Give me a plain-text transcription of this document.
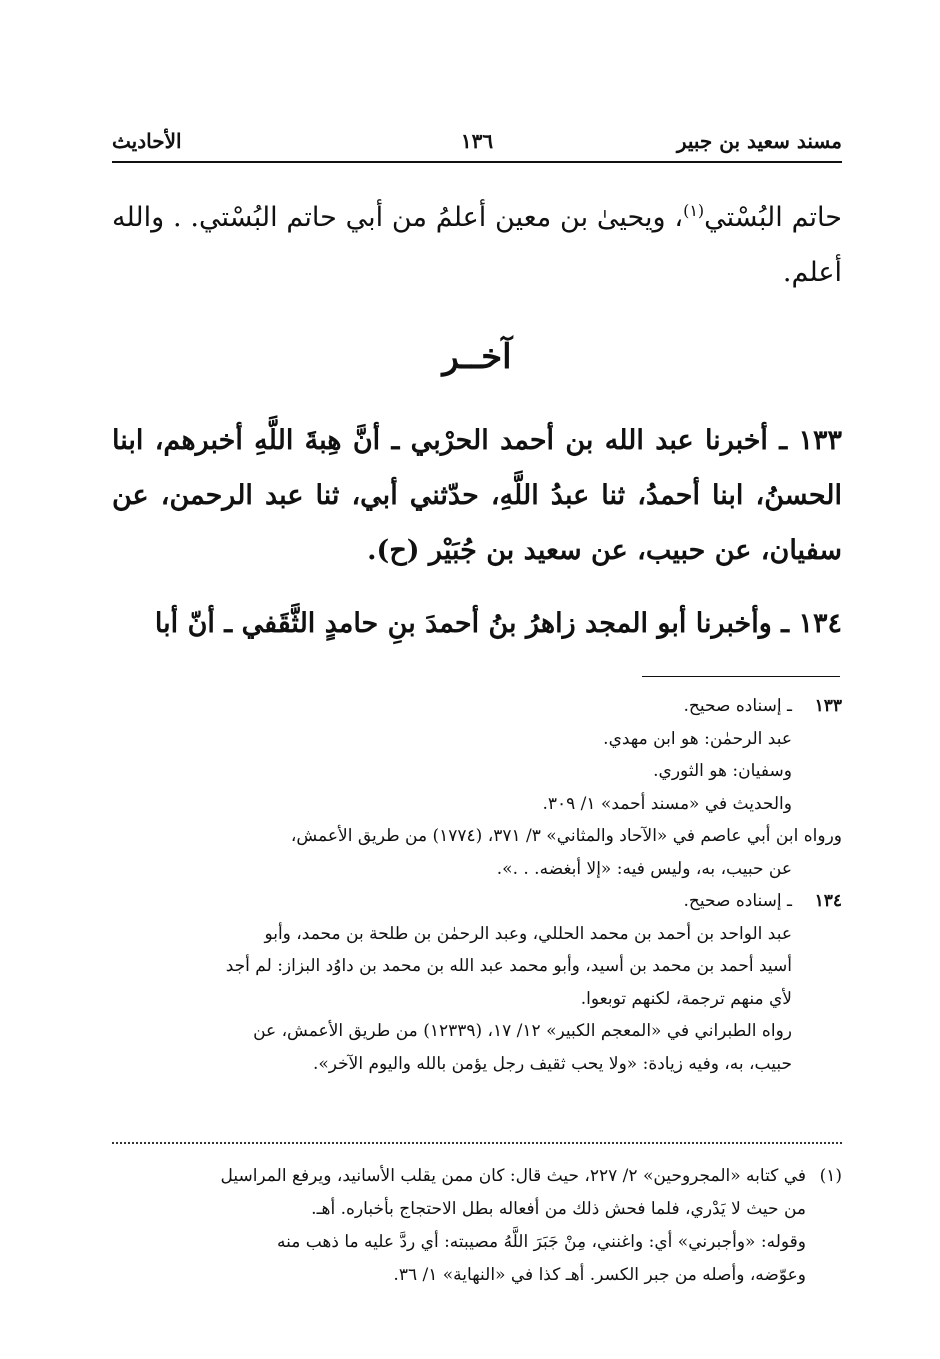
مسند سعيد بن جبير
١٣٦
الأحاديث

حاتم البُسْتي$^{(١)}$، ويحيىٰ بن معين أعلمُ من أبي حاتم البُسْتي. . والله أعلم.

آخــر

١٣٣ ـ أخبرنا عبد الله بن أحمد الحرْبي ـ أنَّ هِبةَ اللَّهِ أخبرهم، ابنا الحسنُ، ابنا أحمدُ، ثنا عبدُ اللَّهِ، حدّثني أبي، ثنا عبد الرحمن، عن سفيان، عن حبيب، عن سعيد بن جُبَيْر (ح).

١٣٤ ـ وأخبرنا أبو المجد زاهرُ بنُ أحمدَ بنِ حامدٍ الثَّقَفي ـ أنّ أبا

١٣٣
ـ إسناده صحيح.
عبد الرحمٰن: هو ابن مهدي.
وسفيان: هو الثوري.
والحديث في «مسند أحمد» ١/ ٣٠٩.
ورواه ابن أبي عاصم في «الآحاد والمثاني» ٣/ ٣٧١، (١٧٧٤) من طريق الأعمش،
عن حبيب، به، وليس فيه: «إلا أبغضه. . .».
١٣٤
ـ إسناده صحيح.
عبد الواحد بن أحمد بن محمد الحللي، وعبد الرحمٰن بن طلحة بن محمد، وأبو
أسيد أحمد بن محمد بن أسيد، وأبو محمد عبد الله بن محمد بن داوُد البزاز: لم أجد
لأي منهم ترجمة، لكنهم توبعوا.
رواه الطبراني في «المعجم الكبير» ١٢/ ١٧، (١٢٣٣٩) من طريق الأعمش، عن
حبيب، به، وفيه زيادة: «ولا يحب ثقيف رجل يؤمن بالله واليوم الآخر».
(١)
في كتابه «المجروحين» ٢/ ٢٢٧، حيث قال: كان ممن يقلب الأسانيد، ويرفع المراسيل
من حيث لا يَدْري، فلما فحش ذلك من أفعاله بطل الاحتجاج بأخباره. أهـ.
وقوله: «وأجبرني» أي: واغنني، مِنْ جَبَرَ اللَّهُ مصيبته: أي ردَّ عليه ما ذهب منه
وعوّضه، وأصله من جبر الكسر. أهـ كذا في «النهاية» ١/ ٣٦.
